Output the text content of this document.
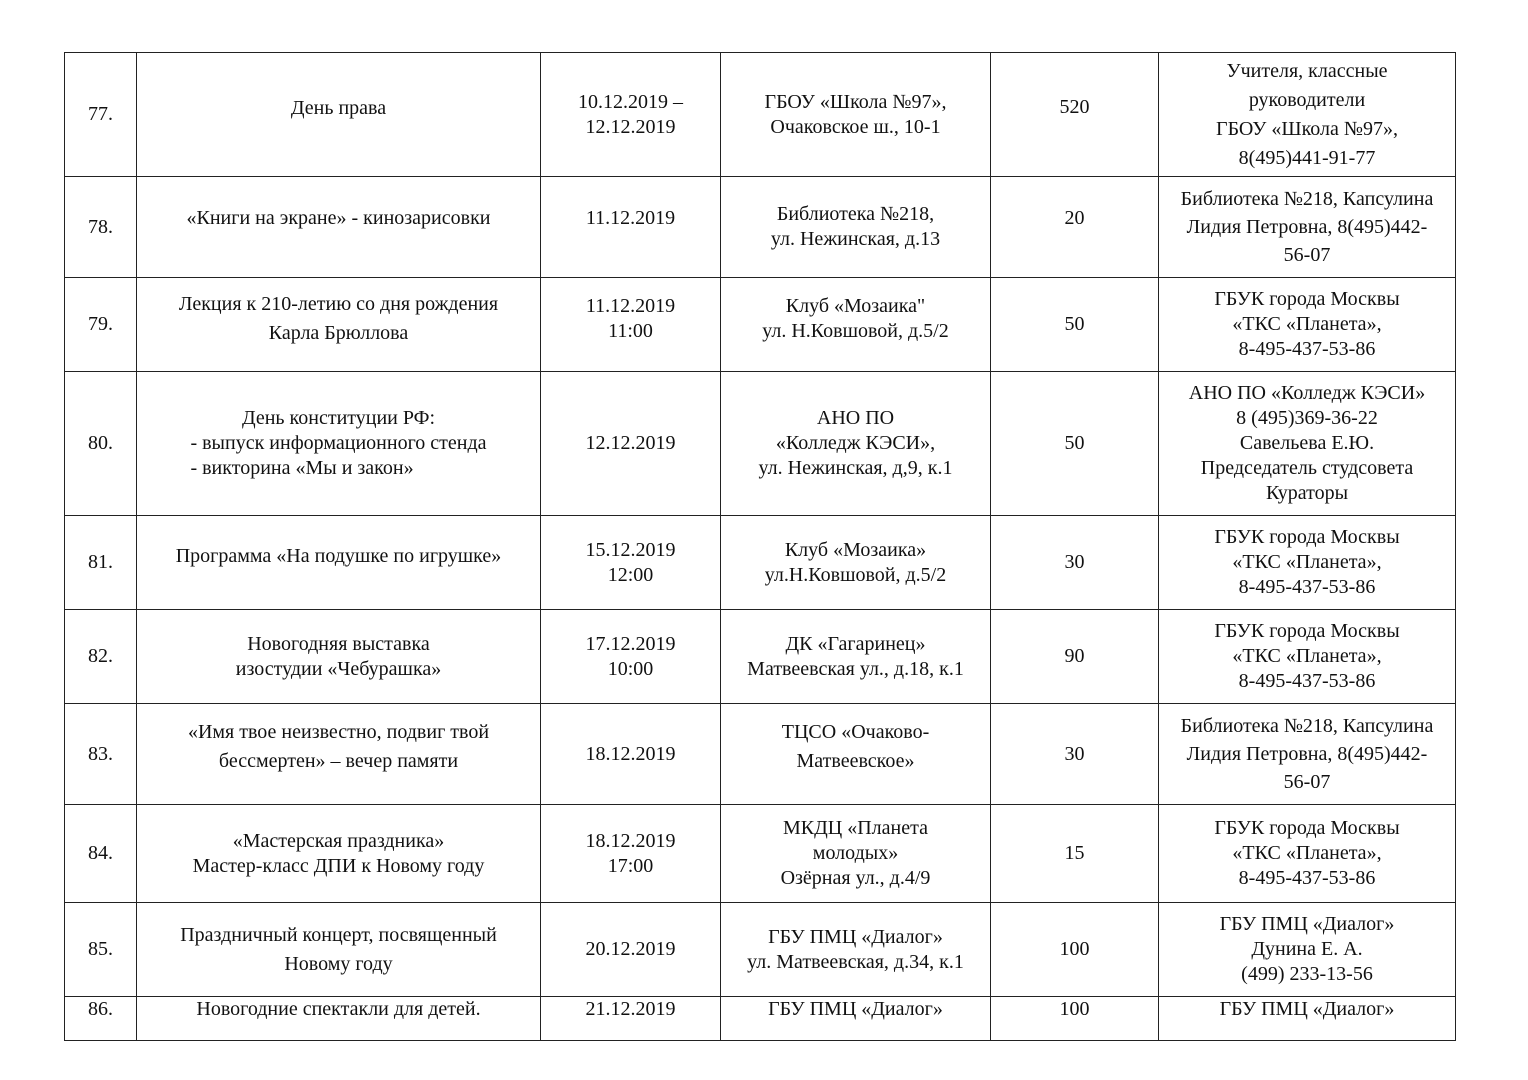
77.	День права	10.12.2019 –
12.12.2019	ГБОУ «Школа №97»,
Очаковское ш., 10-1	520	Учителя, классные
руководители
ГБОУ «Школа №97»,
8(495)441-91-77

78.	«Книги на экране» - кинозарисовки	11.12.2019	Библиотека №218,
ул. Нежинская, д.13	20	Библиотека №218, Капсулина
Лидия Петровна, 8(495)442-
56-07

79.	Лекция к 210-летию со дня рождения
Карла Брюллова	11.12.2019
11:00	Клуб «Мозаика"
ул. Н.Ковшовой, д.5/2	50	ГБУК города Москвы
«ТКС «Планета»,
8-495-437-53-86

80.	День конституции РФ:
- выпуск информационного стенда
- викторина «Мы и закон»	12.12.2019	АНО ПО
«Колледж КЭСИ»,
ул. Нежинская, д,9, к.1	50	АНО ПО «Колледж КЭСИ»
8 (495)369-36-22
Савельева Е.Ю.
Председатель студсовета
Кураторы

81.	Программа «На подушке по игрушке»	15.12.2019
12:00	Клуб «Мозаика»
ул.Н.Ковшовой, д.5/2	30	ГБУК города Москвы
«ТКС «Планета»,
8-495-437-53-86

82.	Новогодняя выставка
изостудии «Чебурашка»	17.12.2019
10:00	ДК «Гагаринец»
Матвеевская ул., д.18, к.1	90	ГБУК города Москвы
«ТКС «Планета»,
8-495-437-53-86

83.	«Имя твое неизвестно, подвиг твой
бессмертен» – вечер памяти	18.12.2019	ТЦСО «Очаково-
Матвеевское»	30	Библиотека №218, Капсулина
Лидия Петровна, 8(495)442-
56-07

84.	«Мастерская праздника»
Мастер-класс ДПИ к Новому году	18.12.2019
17:00	МКДЦ «Планета
молодых»
Озёрная ул., д.4/9	15	ГБУК города Москвы
«ТКС «Планета»,
8-495-437-53-86

85.	Праздничный концерт, посвященный
Новому году	20.12.2019	ГБУ ПМЦ «Диалог»
ул. Матвеевская, д.34, к.1	100	ГБУ ПМЦ «Диалог»
Дунина Е. А.
(499) 233-13-56

86.	Новогодние спектакли для детей.	21.12.2019	ГБУ ПМЦ «Диалог»	100	ГБУ ПМЦ «Диалог»
